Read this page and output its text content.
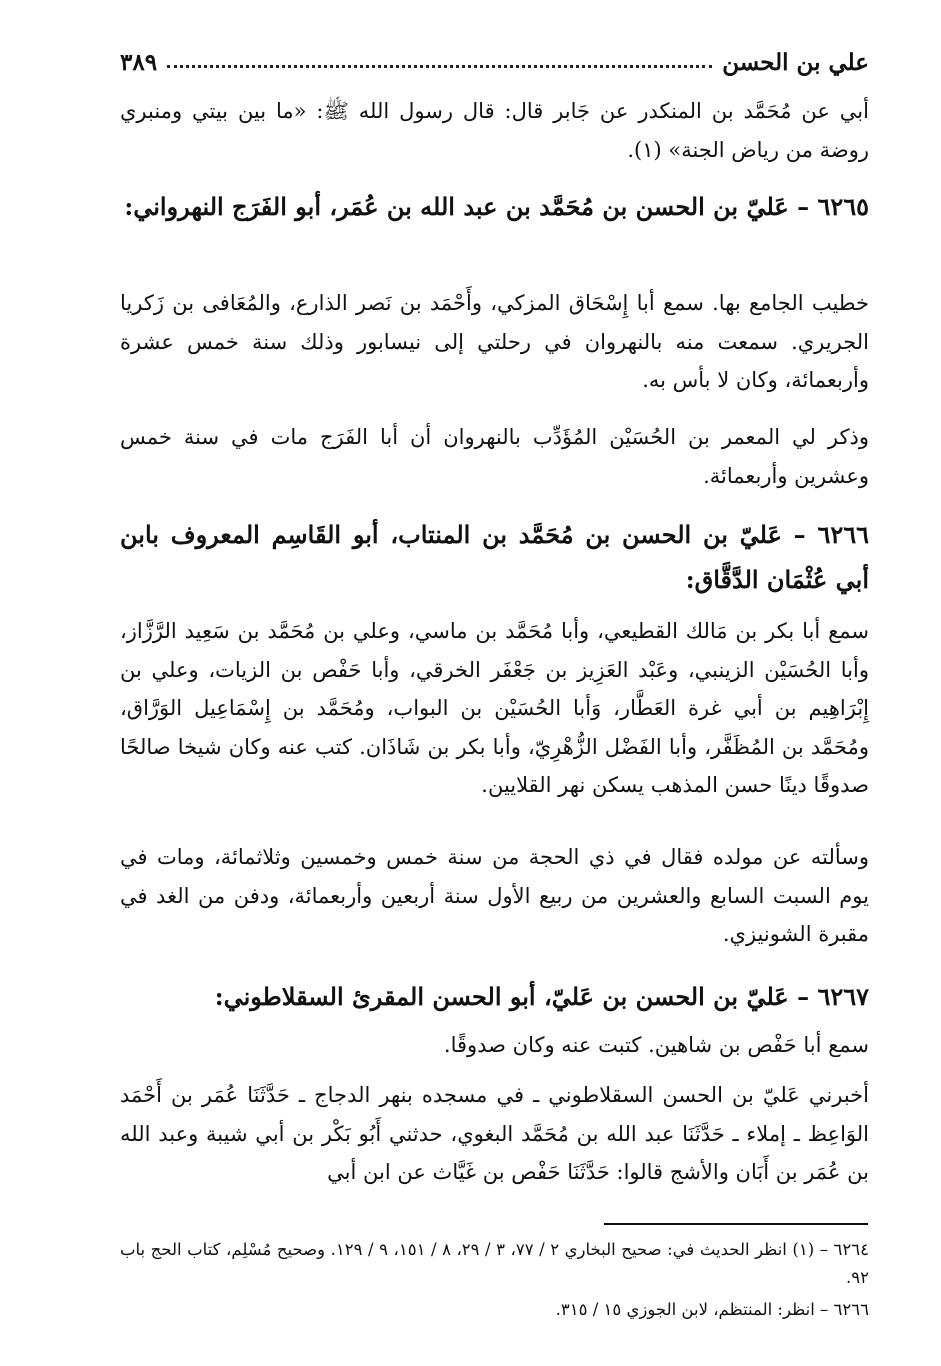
علي بن الحسن
٣٨٩
أبي عن مُحَمَّد بن المنكدر عن جَابر قال: قال رسول الله ﷺ: «ما بين بيتي ومنبري روضة من رياض الجنة» (١).
٦٢٦٥ – عَليّ بن الحسن بن مُحَمَّد بن عبد الله بن عُمَر، أبو الفَرَج النهرواني:
خطيب الجامع بها. سمع أبا إِسْحَاق المزكي، وأَحْمَد بن نَصر الذارع، والمُعَافى بن زَكريا الجريري. سمعت منه بالنهروان في رحلتي إلى نيسابور وذلك سنة خمس عشرة وأربعمائة، وكان لا بأس به.
وذكر لي المعمر بن الحُسَيْن المُؤَدِّب بالنهروان أن أبا الفَرَج مات في سنة خمس وعشرين وأربعمائة.
٦٢٦٦ – عَليّ بن الحسن بن مُحَمَّد بن المنتاب، أبو القَاسِم المعروف بابن أبي عُثْمَان الدَّقَّاق:
سمع أبا بكر بن مَالك القطيعي، وأبا مُحَمَّد بن ماسي، وعلي بن مُحَمَّد بن سَعِيد الرَّزَّاز، وأبا الحُسَيْن الزينبي، وعَبْد العَزِيز بن جَعْفَر الخرقي، وأبا حَفْص بن الزيات، وعلي بن إِبْرَاهِيم بن أبي غرة العَطَّار، وَأبا الحُسَيْن بن البواب، ومُحَمَّد بن إِسْمَاعِيل الوَرَّاق، ومُحَمَّد بن المُظَفَّر، وأبا الفَضْل الزُّهْرِيّ، وأبا بكر بن شَاذَان. كتب عنه وكان شيخا صالحًا صدوقًا دينًا حسن المذهب يسكن نهر القلايين.
وسألته عن مولده فقال في ذي الحجة من سنة خمس وخمسين وثلاثمائة، ومات في يوم السبت السابع والعشرين من ربيع الأول سنة أربعين وأربعمائة، ودفن من الغد في مقبرة الشونيزي.
٦٢٦٧ – عَليّ بن الحسن بن عَليّ، أبو الحسن المقرئ السقلاطوني:
سمع أبا حَفْص بن شاهين. كتبت عنه وكان صدوقًا.
أخبرني عَليّ بن الحسن السقلاطوني ـ في مسجده بنهر الدجاج ـ حَدَّثَنَا عُمَر بن أَحْمَد الوَاعِظ ـ إملاء ـ حَدَّثَنَا عبد الله بن مُحَمَّد البغوي، حدثني أَبُو بَكْر بن أبي شيبة وعبد الله بن عُمَر بن أَبَان والأشج قالوا: حَدَّثَنَا حَفْص بن غَيَّاث عن ابن أبي
٦٢٦٤ – (١) انظر الحديث في: صحيح البخاري ٢ / ٧٧، ٣ / ٢٩، ٨ / ١٥١، ٩ / ١٢٩. وصحيح مُسْلِم، كتاب الحج باب ٩٢.
٦٢٦٦ – انظر: المنتظم، لابن الجوزي ١٥ / ٣١٥.
